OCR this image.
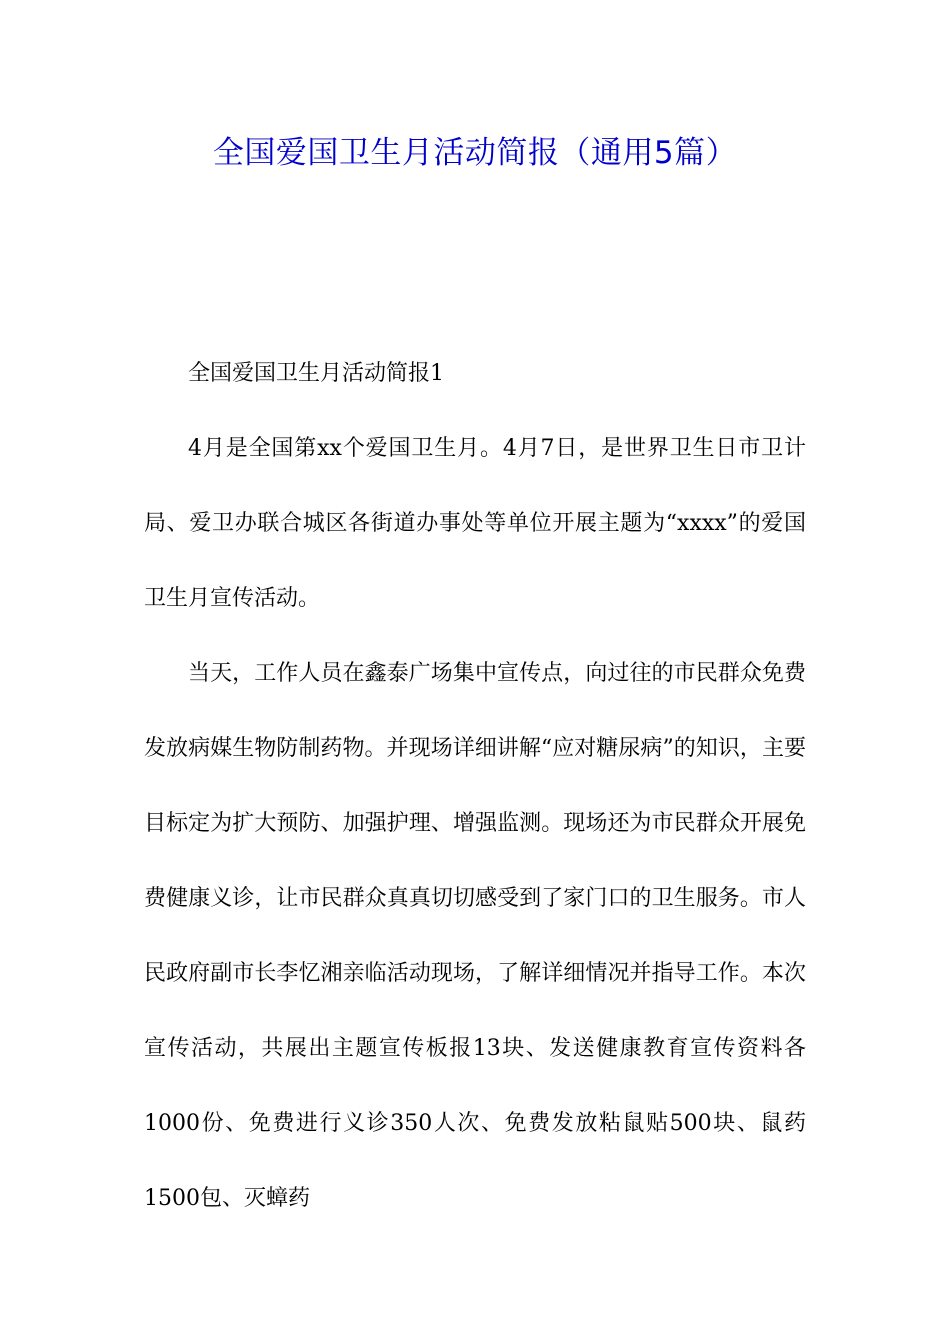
全国爱国卫生月活动简报（通用5篇）

全国爱国卫生月活动简报1

4月是全国第xx个爱国卫生月。4月7日，是世界卫生日市卫计局、爱卫办联合城区各街道办事处等单位开展主题为“xxxx”的爱国卫生月宣传活动。

当天，工作人员在鑫泰广场集中宣传点，向过往的市民群众免费发放病媒生物防制药物。并现场详细讲解“应对糖尿病”的知识，主要目标定为扩大预防、加强护理、增强监测。现场还为市民群众开展免费健康义诊，让市民群众真真切切感受到了家门口的卫生服务。市人民政府副市长李忆湘亲临活动现场，了解详细情况并指导工作。本次宣传活动，共展出主题宣传板报13块、发送健康教育宣传资料各1000份、免费进行义诊350人次、免费发放粘鼠贴500块、鼠药1500包、灭蟑药
